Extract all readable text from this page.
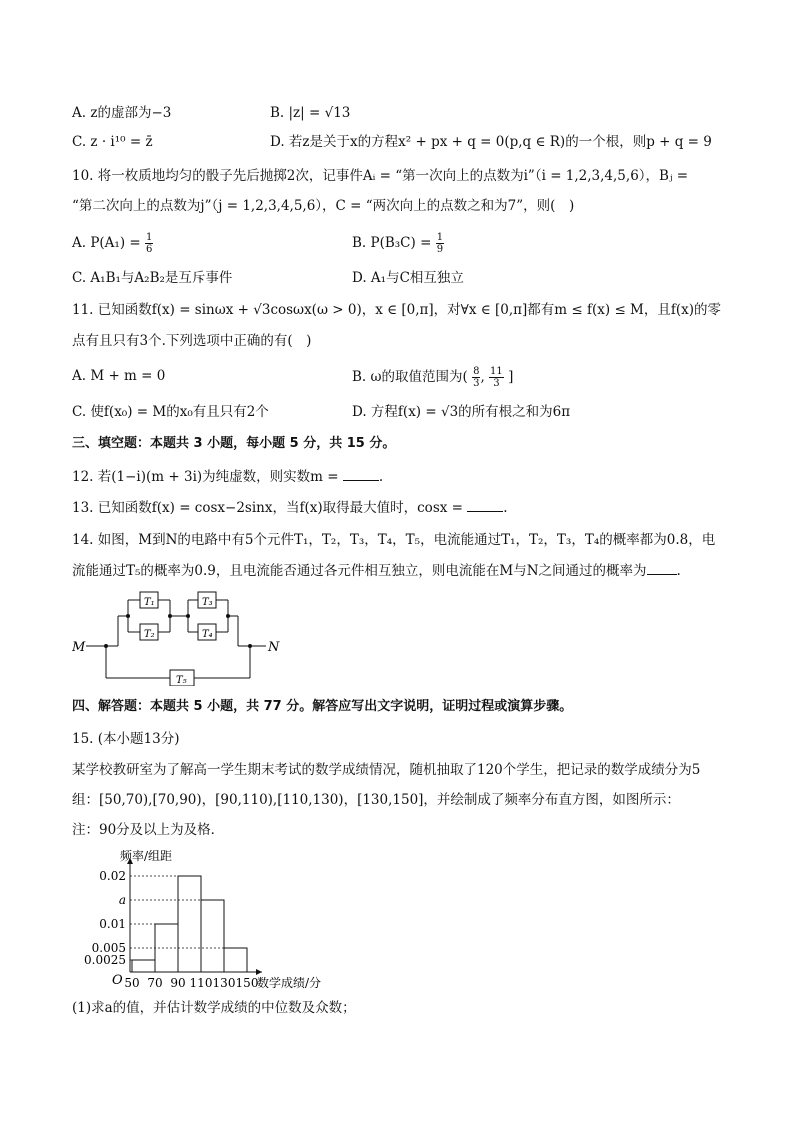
A. z的虚部为−3	B. |z| = √13
C. z · i¹⁰ = z̄	D. 若z是关于x的方程x² + px + q = 0(p,q ∈ R)的一个根，则p + q = 9
10. 将一枚质地均匀的骰子先后抛掷2次，记事件Aᵢ = “第一次向上的点数为i”（i = 1,2,3,4,5,6），Bⱼ =
“第二次向上的点数为j”（j = 1,2,3,4,5,6），C = “两次向上的点数之和为7”，则(　)
A. $P(A_1) = \frac{1}{6}$	B. $P(B_3C) = \frac{1}{9}$
C. A₁B₁与A₂B₂是互斥事件	D. A₁与C相互独立
11. 已知函数f(x) = sinωx + √3cosωx(ω > 0)，x ∈ [0,π]，对∀x ∈ [0,π]都有m ≤ f(x) ≤ M，且f(x)的零
点有且只有3个.下列选项中正确的有(　)
A. M + m = 0	B. ω的取值范围为( $\frac{8}{3}$ , $\frac{11}{3}$ ]
C. 使f(x₀) = M的x₀有且只有2个	D. 方程f(x) = √3的所有根之和为6π
三、填空题：本题共 3 小题，每小题 5 分，共 15 分。
12. 若(1−i)(m + 3i)为纯虚数，则实数m =	.
13. 已知函数f(x) = cosx−2sinx，当f(x)取得最大值时，cosx =	.
14. 如图，M到N的电路中有5个元件T₁，T₂，T₃，T₄，T₅，电流能通过T₁，T₂，T₃，T₄的概率都为0.8，电
流能通过T₅的概率为0.9，且电流能否通过各元件相互独立，则电流能在M与N之间通过的概率为 .
M	N
T₁
T₂
T₃
T₄
T₅
四、解答题：本题共 5 小题，共 77 分。解答应写出文字说明，证明过程或演算步骤。
15. (本小题13分)
某学校教研室为了解高一学生期末考试的数学成绩情况，随机抽取了120个学生，把记录的数学成绩分为5
组：[50,70),[70,90)，[90,110),[110,130)，[130,150]，并绘制成了频率分布直方图，如图所示：
注：90分及以上为及格．
0.0025
0.005
a
0.01
0.02
50 70 90 110 130 150
频率/组距
数学成绩/分
O
(1)求a的值，并估计数学成绩的中位数及众数；
